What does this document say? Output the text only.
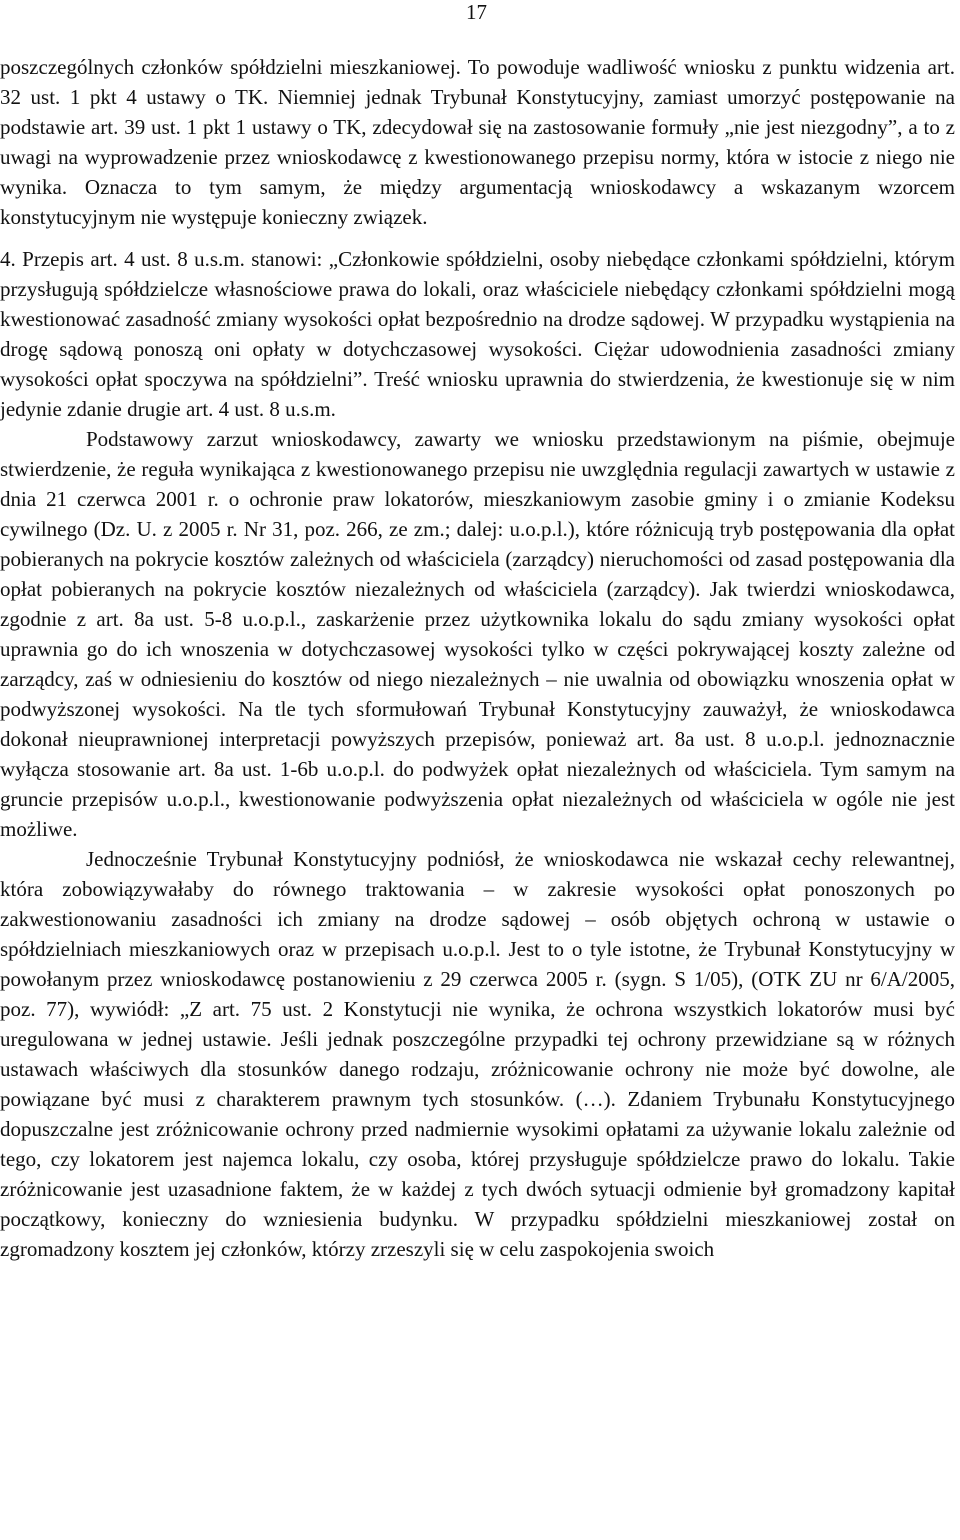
17

poszczególnych członków spółdzielni mieszkaniowej. To powoduje wadliwość wniosku z punktu widzenia art. 32 ust. 1 pkt 4 ustawy o TK. Niemniej jednak Trybunał Konstytucyjny, zamiast umorzyć postępowanie na podstawie art. 39 ust. 1 pkt 1 ustawy o TK, zdecydował się na zastosowanie formuły „nie jest niezgodny”, a to z uwagi na wyprowadzenie przez wnioskodawcę z kwestionowanego przepisu normy, która w istocie z niego nie wynika. Oznacza to tym samym, że między argumentacją wnioskodawcy a wskazanym wzorcem konstytucyjnym nie występuje konieczny związek.

4. Przepis art. 4 ust. 8 u.s.m. stanowi: „Członkowie spółdzielni, osoby niebędące członkami spółdzielni, którym przysługują spółdzielcze własnościowe prawa do lokali, oraz właściciele niebędący członkami spółdzielni mogą kwestionować zasadność zmiany wysokości opłat bezpośrednio na drodze sądowej. W przypadku wystąpienia na drogę sądową ponoszą oni opłaty w dotychczasowej wysokości. Ciężar udowodnienia zasadności zmiany wysokości opłat spoczywa na spółdzielni”. Treść wniosku uprawnia do stwierdzenia, że kwestionuje się w nim jedynie zdanie drugie art. 4 ust. 8 u.s.m.

Podstawowy zarzut wnioskodawcy, zawarty we wniosku przedstawionym na piśmie, obejmuje stwierdzenie, że reguła wynikająca z kwestionowanego przepisu nie uwzględnia regulacji zawartych w ustawie z dnia 21 czerwca 2001 r. o ochronie praw lokatorów, mieszkaniowym zasobie gminy i o zmianie Kodeksu cywilnego (Dz. U. z 2005 r. Nr 31, poz. 266, ze zm.; dalej: u.o.p.l.), które różnicują tryb postępowania dla opłat pobieranych na pokrycie kosztów zależnych od właściciela (zarządcy) nieruchomości od zasad postępowania dla opłat pobieranych na pokrycie kosztów niezależnych od właściciela (zarządcy). Jak twierdzi wnioskodawca, zgodnie z art. 8a ust. 5-8 u.o.p.l., zaskarżenie przez użytkownika lokalu do sądu zmiany wysokości opłat uprawnia go do ich wnoszenia w dotychczasowej wysokości tylko w części pokrywającej koszty zależne od zarządcy, zaś w odniesieniu do kosztów od niego niezależnych – nie uwalnia od obowiązku wnoszenia opłat w podwyższonej wysokości. Na tle tych sformułowań Trybunał Konstytucyjny zauważył, że wnioskodawca dokonał nieuprawnionej interpretacji powyższych przepisów, ponieważ art. 8a ust. 8 u.o.p.l. jednoznacznie wyłącza stosowanie art. 8a ust. 1-6b u.o.p.l. do podwyżek opłat niezależnych od właściciela. Tym samym na gruncie przepisów u.o.p.l., kwestionowanie podwyższenia opłat niezależnych od właściciela w ogóle nie jest możliwe.

Jednocześnie Trybunał Konstytucyjny podniósł, że wnioskodawca nie wskazał cechy relewantnej, która zobowiązywałaby do równego traktowania – w zakresie wysokości opłat ponoszonych po zakwestionowaniu zasadności ich zmiany na drodze sądowej – osób objętych ochroną w ustawie o spółdzielniach mieszkaniowych oraz w przepisach u.o.p.l. Jest to o tyle istotne, że Trybunał Konstytucyjny w powołanym przez wnioskodawcę postanowieniu z 29 czerwca 2005 r. (sygn. S 1/05), (OTK ZU nr 6/A/2005, poz. 77), wywiódł: „Z art. 75 ust. 2 Konstytucji nie wynika, że ochrona wszystkich lokatorów musi być uregulowana w jednej ustawie. Jeśli jednak poszczególne przypadki tej ochrony przewidziane są w różnych ustawach właściwych dla stosunków danego rodzaju, zróżnicowanie ochrony nie może być dowolne, ale powiązane być musi z charakterem prawnym tych stosunków. (…). Zdaniem Trybunału Konstytucyjnego dopuszczalne jest zróżnicowanie ochrony przed nadmiernie wysokimi opłatami za używanie lokalu zależnie od tego, czy lokatorem jest najemca lokalu, czy osoba, której przysługuje spółdzielcze prawo do lokalu. Takie zróżnicowanie jest uzasadnione faktem, że w każdej z tych dwóch sytuacji odmienie był gromadzony kapitał początkowy, konieczny do wzniesienia budynku. W przypadku spółdzielni mieszkaniowej został on zgromadzony kosztem jej członków, którzy zrzeszyli się w celu zaspokojenia swoich
